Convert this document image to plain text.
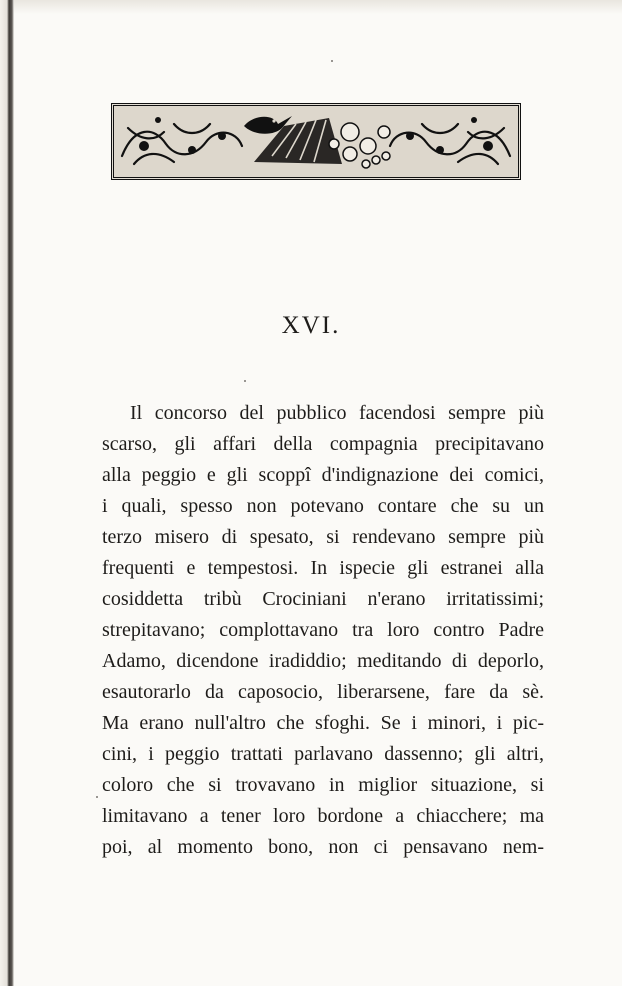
XVI.
Il concorso del pubblico facendosi sempre più
scarso, gli affari della compagnia precipitavano
alla peggio e gli scoppî d'indignazione dei comici,
i quali, spesso non potevano contare che su un
terzo misero di spesato, si rendevano sempre più
frequenti e tempestosi. In ispecie gli estranei alla
cosiddetta tribù Crociniani n'erano irritatissimi;
strepitavano; complottavano tra loro contro Padre
Adamo, dicendone iradiddio; meditando di deporlo,
esautorarlo da caposocio, liberarsene, fare da sè.
Ma erano null'altro che sfoghi. Se i minori, i pic-
cini, i peggio trattati parlavano dassenno; gli altri,
coloro che si trovavano in miglior situazione, si
limitavano a tener loro bordone a chiacchere; ma
poi, al momento bono, non ci pensavano nem-
